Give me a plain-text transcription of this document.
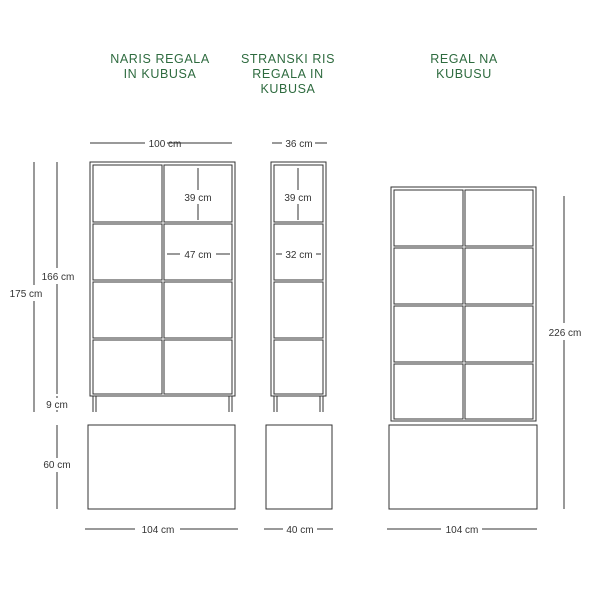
NARIS REGALA
IN KUBUSA
STRANSKI RIS
REGALA IN
KUBUSA
REGAL NA
KUBUSU
100 cm	36 cm
39 cm
47 cm
39 cm
32 cm
166 cm
175 cm
9 cm
60 cm
104 cm	40 cm	104 cm
226 cm
